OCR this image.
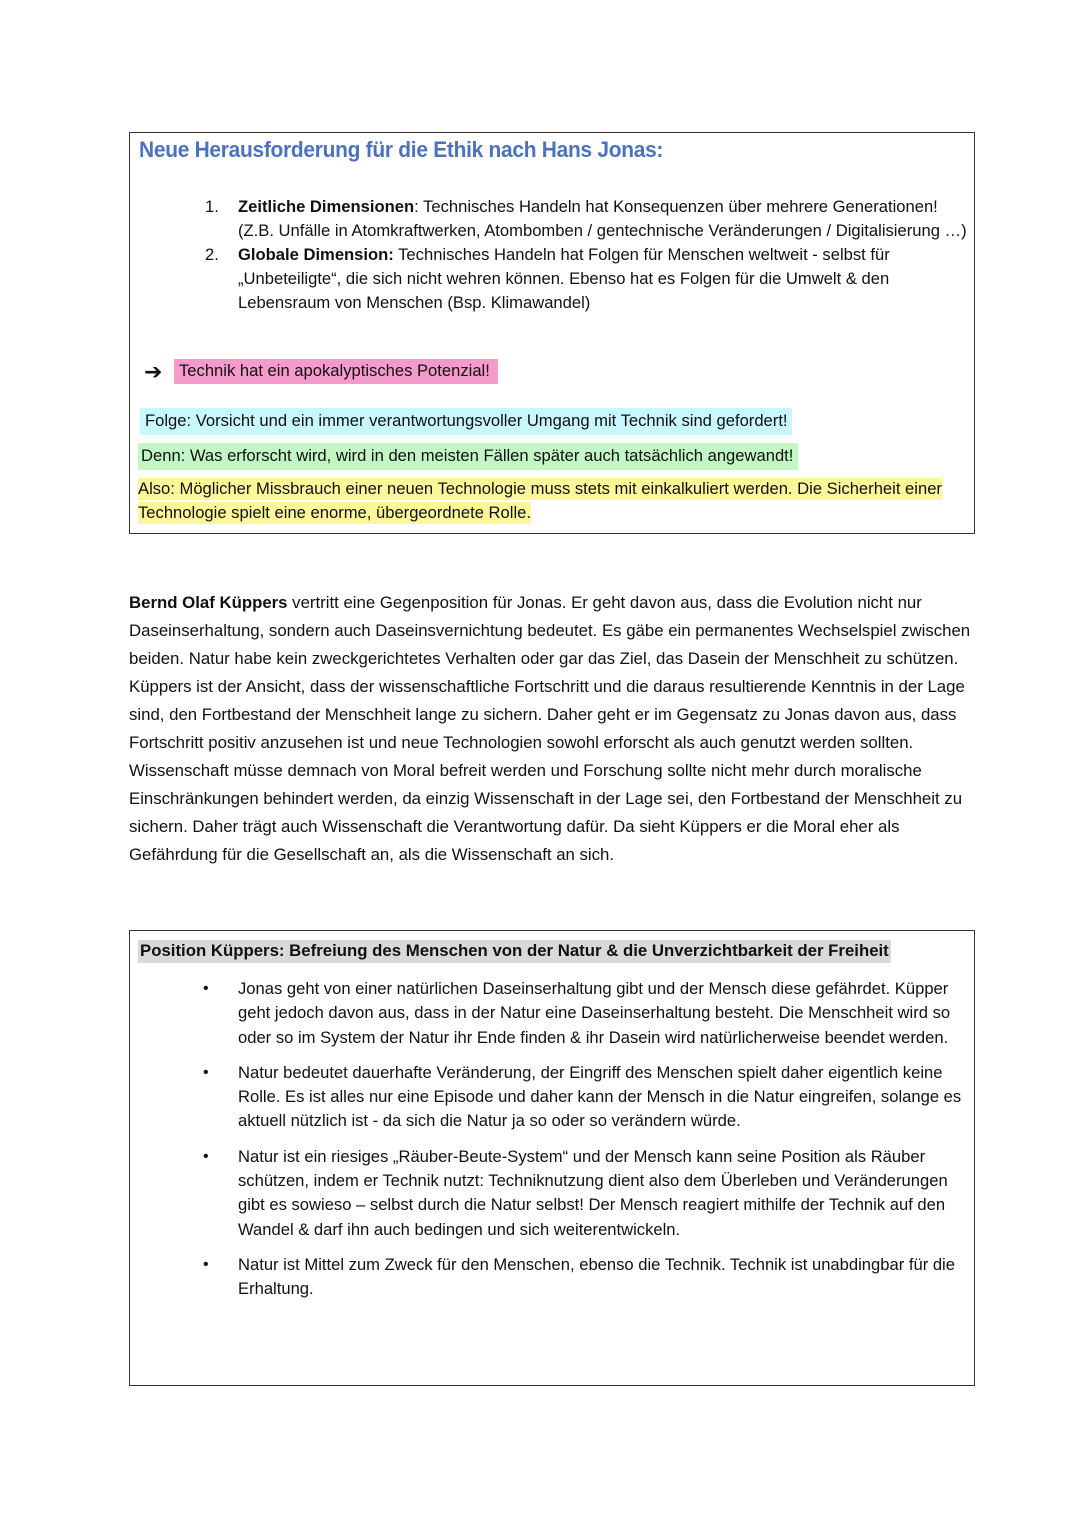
Neue Herausforderung für die Ethik nach Hans Jonas:
1. Zeitliche Dimensionen: Technisches Handeln hat Konsequenzen über mehrere Generationen! (Z.B. Unfälle in Atomkraftwerken, Atombomben / gentechnische Veränderungen / Digitalisierung …)
2. Globale Dimension: Technisches Handeln hat Folgen für Menschen weltweit - selbst für „Unbeteiligte“, die sich nicht wehren können. Ebenso hat es Folgen für die Umwelt & den Lebensraum von Menschen (Bsp. Klimawandel)
➔ Technik hat ein apokalyptisches Potenzial!
Folge: Vorsicht und ein immer verantwortungsvoller Umgang mit Technik sind gefordert!
Denn: Was erforscht wird, wird in den meisten Fällen später auch tatsächlich angewandt!
Also: Möglicher Missbrauch einer neuen Technologie muss stets mit einkalkuliert werden. Die Sicherheit einer Technologie spielt eine enorme, übergeordnete Rolle.
Bernd Olaf Küppers vertritt eine Gegenposition für Jonas. Er geht davon aus, dass die Evolution nicht nur Daseinserhaltung, sondern auch Daseinsvernichtung bedeutet. Es gäbe ein permanentes Wechselspiel zwischen beiden. Natur habe kein zweckgerichtetes Verhalten oder gar das Ziel, das Dasein der Menschheit zu schützen. Küppers ist der Ansicht, dass der wissenschaftliche Fortschritt und die daraus resultierende Kenntnis in der Lage sind, den Fortbestand der Menschheit lange zu sichern. Daher geht er im Gegensatz zu Jonas davon aus, dass Fortschritt positiv anzusehen ist und neue Technologien sowohl erforscht als auch genutzt werden sollten. Wissenschaft müsse demnach von Moral befreit werden und Forschung sollte nicht mehr durch moralische Einschränkungen behindert werden, da einzig Wissenschaft in der Lage sei, den Fortbestand der Menschheit zu sichern. Daher trägt auch Wissenschaft die Verantwortung dafür. Da sieht Küppers er die Moral eher als Gefährdung für die Gesellschaft an, als die Wissenschaft an sich.
Position Küppers: Befreiung des Menschen von der Natur & die Unverzichtbarkeit der Freiheit
• Jonas geht von einer natürlichen Daseinserhaltung gibt und der Mensch diese gefährdet. Küpper geht jedoch davon aus, dass in der Natur eine Daseinserhaltung besteht. Die Menschheit wird so oder so im System der Natur ihr Ende finden & ihr Dasein wird natürlicherweise beendet werden.
• Natur bedeutet dauerhafte Veränderung, der Eingriff des Menschen spielt daher eigentlich keine Rolle. Es ist alles nur eine Episode und daher kann der Mensch in die Natur eingreifen, solange es aktuell nützlich ist - da sich die Natur ja so oder so verändern würde.
• Natur ist ein riesiges „Räuber-Beute-System“ und der Mensch kann seine Position als Räuber schützen, indem er Technik nutzt: Techniknutzung dient also dem Überleben und Veränderungen gibt es sowieso – selbst durch die Natur selbst! Der Mensch reagiert mithilfe der Technik auf den Wandel & darf ihn auch bedingen und sich weiterentwickeln.
• Natur ist Mittel zum Zweck für den Menschen, ebenso die Technik. Technik ist unabdingbar für die Erhaltung.
